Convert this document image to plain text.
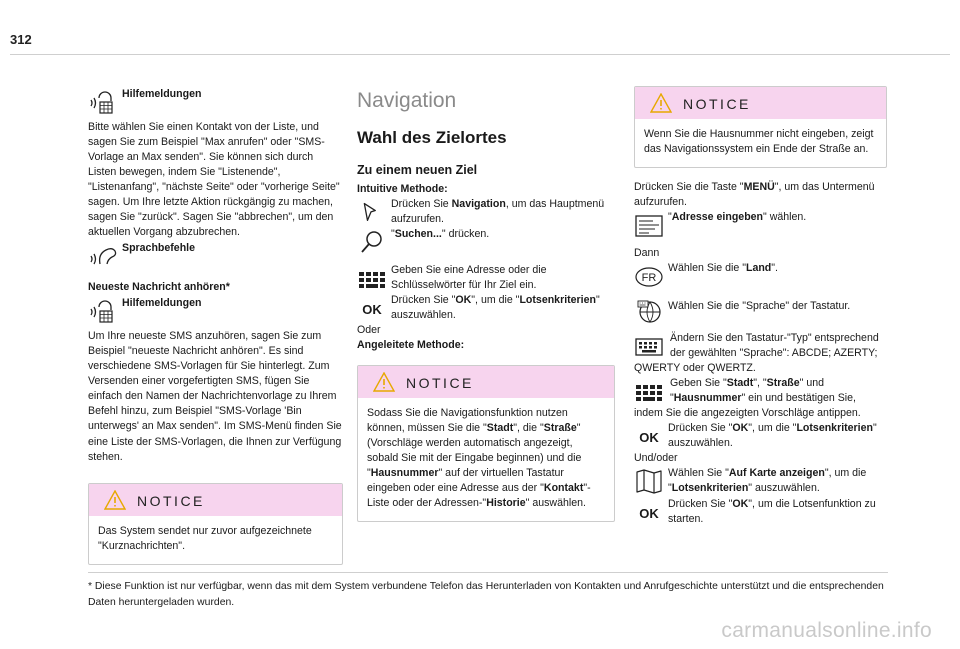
312
Hilfemeldungen

Bitte wählen Sie einen Kontakt von der Liste, und sagen Sie zum Beispiel "Max anrufen" oder "SMS-Vorlage an Max senden". Sie können sich durch Listen bewegen, indem Sie "Listenende", "Listenanfang", "nächste Seite" oder "vorherige Seite" sagen. Um Ihre letzte Aktion rückgängig zu machen, sagen Sie "zurück". Sagen Sie "abbrechen", um den aktuellen Vorgang abzubrechen.

Sprachbefehle

Neueste Nachricht anhören*

Hilfemeldungen

Um Ihre neueste SMS anzuhören, sagen Sie zum Beispiel "neueste Nachricht anhören". Es sind verschiedene SMS-Vorlagen für Sie hinterlegt. Zum Versenden einer vorgefertigten SMS, fügen Sie einfach den Namen der Nachrichtenvorlage zu Ihrem Befehl hinzu, zum Beispiel "SMS-Vorlage 'Bin unterwegs' an Max senden". Im SMS-Menü finden Sie eine Liste der SMS-Vorlagen, die Ihnen zur Verfügung stehen.

NOTICE
Das System sendet nur zuvor aufgezeichnete "Kurznachrichten".
Navigation
Wahl des Zielortes
Zu einem neuen Ziel

Intuitive Methode:

Drücken Sie Navigation, um das Hauptmenü aufzurufen.
"Suchen..." drücken.
Geben Sie eine Adresse oder die Schlüsselwörter für Ihr Ziel ein.
OK
Drücken Sie "OK", um die "Lotsenkriterien" auszuwählen.

Oder

Angeleitete Methode:

NOTICE
Sodass Sie die Navigationsfunktion nutzen können, müssen Sie die "Stadt", die "Straße" (Vorschläge werden automatisch angezeigt, sobald Sie mit der Eingabe beginnen) und die "Hausnummer" auf der virtuellen Tastatur eingeben oder eine Adresse aus der "Kontakt"-Liste oder der Adressen-"Historie" auswählen.
NOTICE
Wenn Sie die Hausnummer nicht eingeben, zeigt das Navigationssystem ein Ende der Straße an.

Drücken Sie die Taste "MENÜ", um das Untermenü aufzurufen.

"Adresse eingeben" wählen.

Dann

FR
Wählen Sie die "Land".
Wählen Sie die "Sprache" der Tastatur.
Ändern Sie den Tastatur-"Typ" entsprechend der gewählten "Sprache": ABCDE; AZERTY; QWERTY oder QWERTZ.
Geben Sie "Stadt", "Straße" und "Hausnummer" ein und bestätigen Sie, indem Sie die angezeigten Vorschläge antippen.
OK
Drücken Sie "OK", um die "Lotsenkriterien" auszuwählen.

Und/oder

Wählen Sie "Auf Karte anzeigen", um die "Lotsenkriterien" auszuwählen.
OK
Drücken Sie "OK", um die Lotsenfunktion zu starten.
* Diese Funktion ist nur verfügbar, wenn das mit dem System verbundene Telefon das Herunterladen von Kontakten und Anrufgeschichte unterstützt und die entsprechenden Daten heruntergeladen wurden.
carmanualsonline.info
